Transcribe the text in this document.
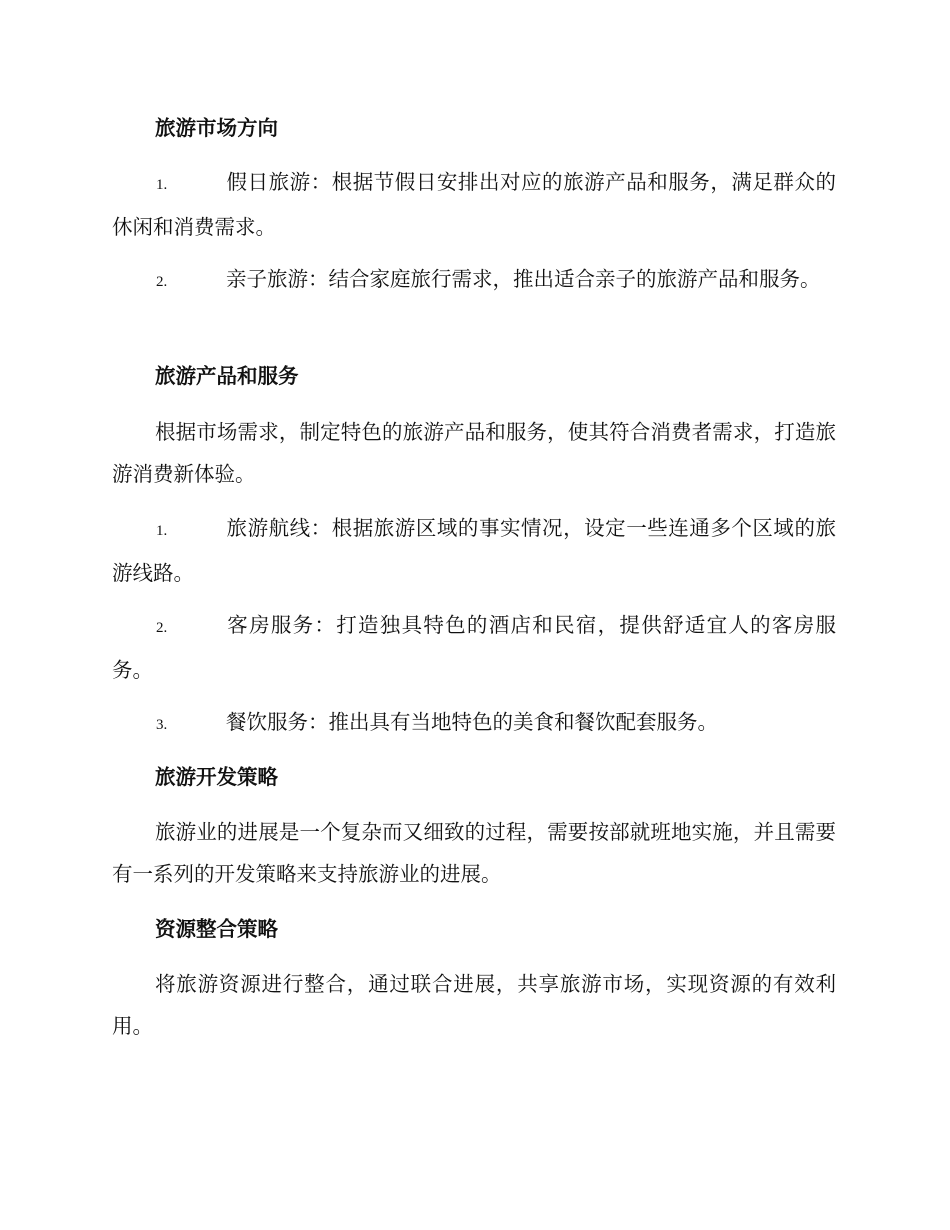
旅游市场方向

1.	假日旅游：根据节假日安排出对应的旅游产品和服务，满足群众的休闲和消费需求。

2.	亲子旅游：结合家庭旅行需求，推出适合亲子的旅游产品和服务。

旅游产品和服务

根据市场需求，制定特色的旅游产品和服务，使其符合消费者需求，打造旅游消费新体验。

1.	旅游航线：根据旅游区域的事实情况，设定一些连通多个区域的旅游线路。

2.	客房服务：打造独具特色的酒店和民宿，提供舒适宜人的客房服务。

3.	餐饮服务：推出具有当地特色的美食和餐饮配套服务。

旅游开发策略

旅游业的进展是一个复杂而又细致的过程，需要按部就班地实施，并且需要有一系列的开发策略来支持旅游业的进展。

资源整合策略

将旅游资源进行整合，通过联合进展，共享旅游市场，实现资源的有效利用。
